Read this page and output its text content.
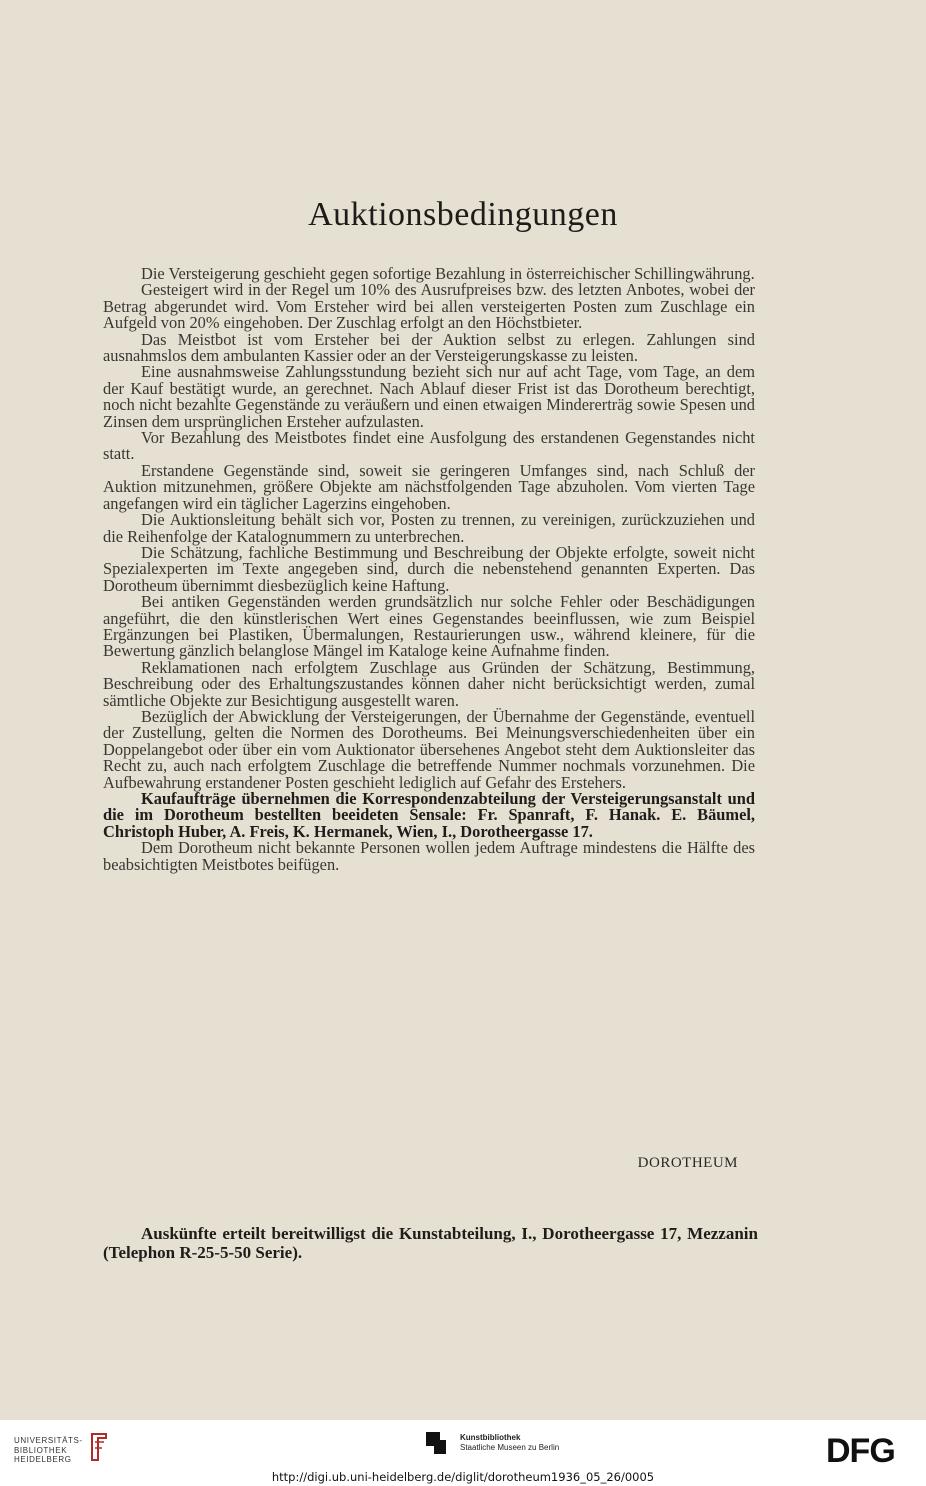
Auktionsbedingungen

Die Versteigerung geschieht gegen sofortige Bezahlung in österreichischer Schillingwährung.

Gesteigert wird in der Regel um 10% des Ausrufpreises bzw. des letzten Anbotes, wobei der Betrag abgerundet wird. Vom Ersteher wird bei allen versteigerten Posten zum Zuschlage ein Aufgeld von 20% eingehoben. Der Zuschlag erfolgt an den Höchstbieter.

Das Meistbot ist vom Ersteher bei der Auktion selbst zu erlegen. Zahlungen sind ausnahmslos dem ambulanten Kassier oder an der Versteigerungskasse zu leisten.

Eine ausnahmsweise Zahlungsstundung bezieht sich nur auf acht Tage, vom Tage, an dem der Kauf bestätigt wurde, an gerechnet. Nach Ablauf dieser Frist ist das Dorotheum berechtigt, noch nicht bezahlte Gegenstände zu veräußern und einen etwaigen Mindererträg sowie Spesen und Zinsen dem ursprünglichen Ersteher aufzulasten.

Vor Bezahlung des Meistbotes findet eine Ausfolgung des erstandenen Gegenstandes nicht statt.

Erstandene Gegenstände sind, soweit sie geringeren Umfanges sind, nach Schluß der Auktion mitzunehmen, größere Objekte am nächstfolgenden Tage abzuholen. Vom vierten Tage angefangen wird ein täglicher Lagerzins eingehoben.

Die Auktionsleitung behält sich vor, Posten zu trennen, zu vereinigen, zurückzuziehen und die Reihenfolge der Katalognummern zu unterbrechen.

Die Schätzung, fachliche Bestimmung und Beschreibung der Objekte erfolgte, soweit nicht Spezialexperten im Texte angegeben sind, durch die nebenstehend genannten Experten. Das Dorotheum übernimmt diesbezüglich keine Haftung.

Bei antiken Gegenständen werden grundsätzlich nur solche Fehler oder Beschädigungen angeführt, die den künstlerischen Wert eines Gegenstandes beeinflussen, wie zum Beispiel Ergänzungen bei Plastiken, Übermalungen, Restaurierungen usw., während kleinere, für die Bewertung gänzlich belanglose Mängel im Kataloge keine Aufnahme finden.

Reklamationen nach erfolgtem Zuschlage aus Gründen der Schätzung, Bestimmung, Beschreibung oder des Erhaltungszustandes können daher nicht berücksichtigt werden, zumal sämtliche Objekte zur Besichtigung ausgestellt waren.

Bezüglich der Abwicklung der Versteigerungen, der Übernahme der Gegenstände, eventuell der Zustellung, gelten die Normen des Dorotheums. Bei Meinungsverschiedenheiten über ein Doppelangebot oder über ein vom Auktionator übersehenes Angebot steht dem Auktionsleiter das Recht zu, auch nach erfolgtem Zuschlage die betreffende Nummer nochmals vorzunehmen. Die Aufbewahrung erstandener Posten geschieht lediglich auf Gefahr des Erstehers.

Kaufaufträge übernehmen die Korrespondenzabteilung der Versteigerungsanstalt und die im Dorotheum bestellten beeideten Sensale: Fr. Spanraft, F. Hanak. E. Bäumel, Christoph Huber, A. Freis, K. Hermanek, Wien, I., Dorotheergasse 17.

Dem Dorotheum nicht bekannte Personen wollen jedem Auftrage mindestens die Hälfte des beabsichtigten Meistbotes beifügen.

DOROTHEUM

Auskünfte erteilt bereitwilligst die Kunstabteilung, I., Dorotheergasse 17, Mezzanin (Telephon R-25-5-50 Serie).

UNIVERSITÄTS-
BIBLIOTHEK
HEIDELBERG
Kunstbibliothek
Staatliche Museen zu Berlin	DFG
http://digi.ub.uni-heidelberg.de/diglit/dorotheum1936_05_26/0005
